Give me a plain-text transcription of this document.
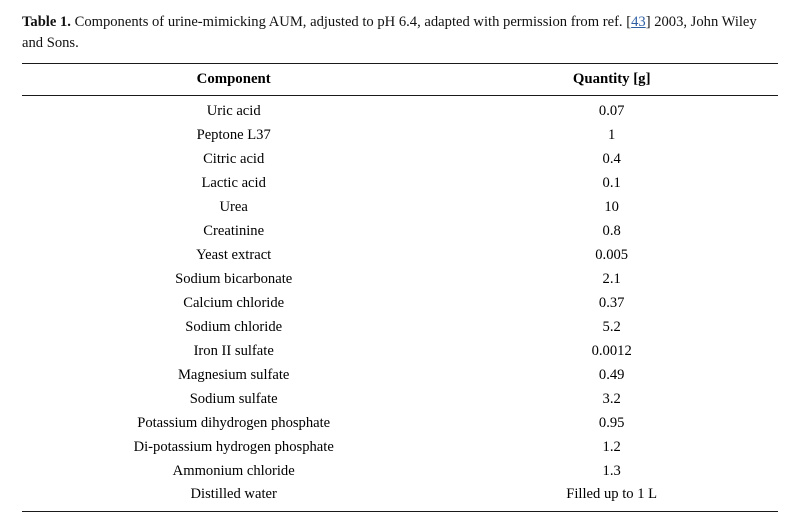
Table 1. Components of urine-mimicking AUM, adjusted to pH 6.4, adapted with permission from ref. [43] 2003, John Wiley and Sons.

Component	Quantity [g]
Uric acid	0.07
Peptone L37	1
Citric acid	0.4
Lactic acid	0.1
Urea	10
Creatinine	0.8
Yeast extract	0.005
Sodium bicarbonate	2.1
Calcium chloride	0.37
Sodium chloride	5.2
Iron II sulfate	0.0012
Magnesium sulfate	0.49
Sodium sulfate	3.2
Potassium dihydrogen phosphate	0.95
Di-potassium hydrogen phosphate	1.2
Ammonium chloride	1.3
Distilled water	Filled up to 1 L
